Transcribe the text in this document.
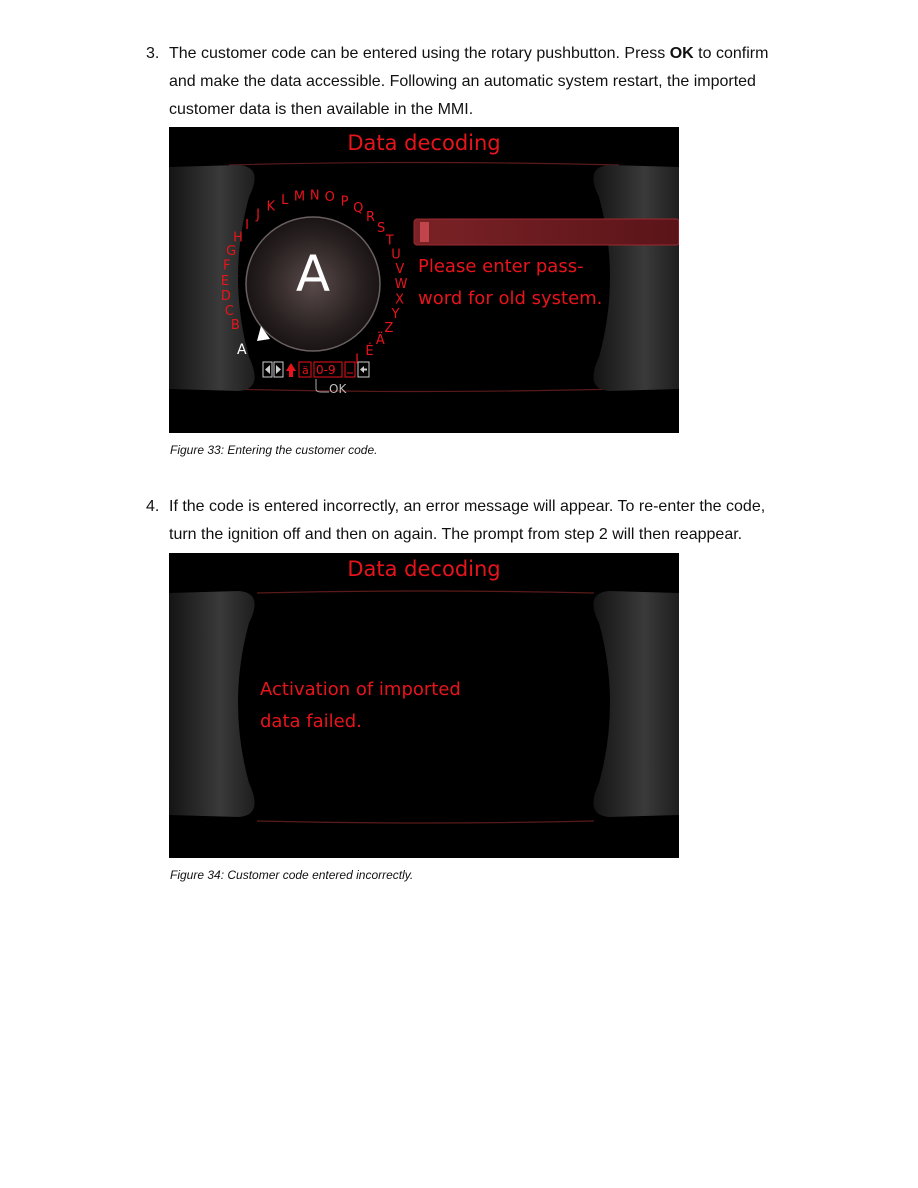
3. The customer code can be entered using the rotary pushbutton. Press OK to confirm and make the data accessible. Following an automatic system restart, the imported customer data is then available in the MMI.
ä 0-9
OK
B
C
D
E
F
G
H
I
J
K L M N O P Q
R
S
T
U
V
W
X
Y
Z
Ä
É
I
A
Data decoding
A	Please enter pass-
word for old system.
Figure 33: Entering the customer code.
4. If the code is entered incorrectly, an error message will appear. To re-enter the code, turn the ignition off and then on again. The prompt from step 2 will then reappear.
Data decoding
Activation of imported
data failed.
Figure 34: Customer code entered incorrectly.
